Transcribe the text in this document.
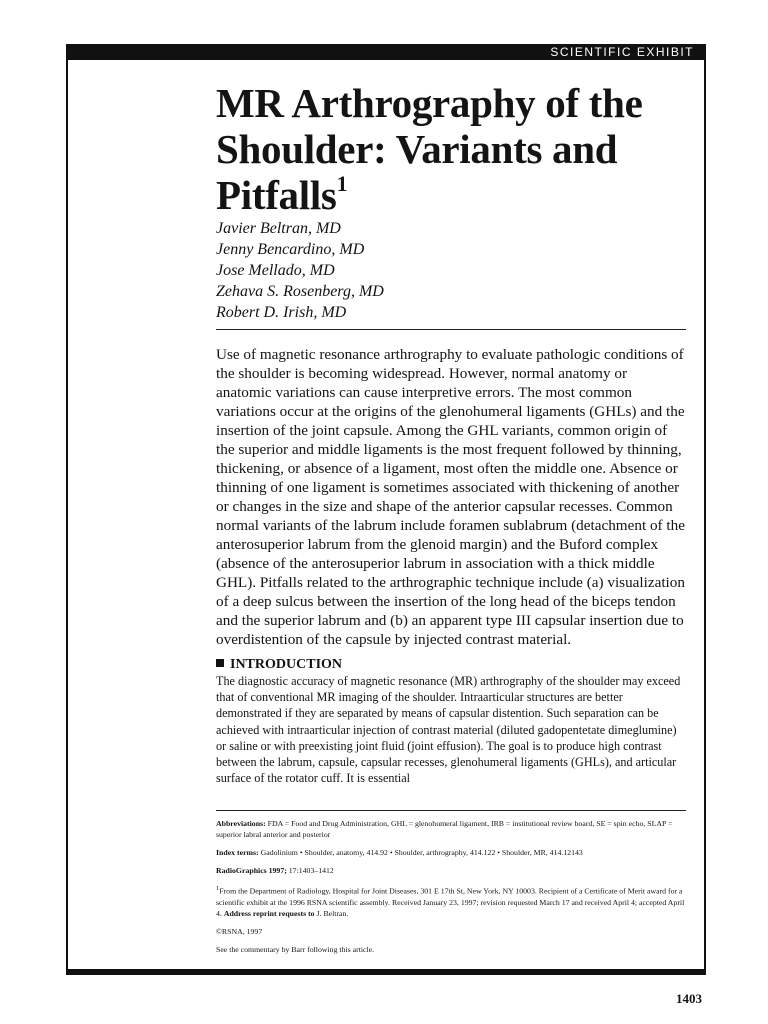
SCIENTIFIC EXHIBIT
MR Arthrography of the Shoulder: Variants and Pitfalls$^1$
Javier Beltran, MD
Jenny Bencardino, MD
Jose Mellado, MD
Zehava S. Rosenberg, MD
Robert D. Irish, MD

Use of magnetic resonance arthrography to evaluate pathologic conditions of the shoulder is becoming widespread. However, normal anatomy or anatomic variations can cause interpretive errors. The most common variations occur at the origins of the glenohumeral ligaments (GHLs) and the insertion of the joint capsule. Among the GHL variants, common origin of the superior and middle ligaments is the most frequent followed by thinning, thickening, or absence of a ligament, most often the middle one. Absence or thinning of one ligament is sometimes associated with thickening of another or changes in the size and shape of the anterior capsular recesses. Common normal variants of the labrum include foramen sublabrum (detachment of the anterosuperior labrum from the glenoid margin) and the Buford complex (absence of the anterosuperior labrum in association with a thick middle GHL). Pitfalls related to the arthrographic technique include (a) visualization of a deep sulcus between the insertion of the long head of the biceps tendon and the superior labrum and (b) an apparent type III capsular insertion due to overdistention of the capsule by injected contrast material.

INTRODUCTION

The diagnostic accuracy of magnetic resonance (MR) arthrography of the shoulder may exceed that of conventional MR imaging of the shoulder. Intraarticular structures are better demonstrated if they are separated by means of capsular distention. Such separation can be achieved with intraarticular injection of contrast material (diluted gadopentetate dimeglumine) or saline or with preexisting joint fluid (joint effusion). The goal is to produce high contrast between the labrum, capsule, capsular recesses, glenohumeral ligaments (GHLs), and articular surface of the rotator cuff. It is essential

Abbreviations: FDA = Food and Drug Administration, GHL = glenohumeral ligament, IRB = institutional review board, SE = spin echo, SLAP = superior labral anterior and posterior

Index terms: Gadolinium • Shoulder, anatomy, 414.92 • Shoulder, arthrography, 414.122 • Shoulder, MR, 414.12143

RadioGraphics 1997; 17:1403–1412

$^1$From the Department of Radiology, Hospital for Joint Diseases, 301 E 17th St, New York, NY 10003. Recipient of a Certificate of Merit award for a scientific exhibit at the 1996 RSNA scientific assembly. Received January 23, 1997; revision requested March 17 and received April 4; accepted April 4. Address reprint requests to J. Beltran.

©RSNA, 1997

See the commentary by Barr following this article.

1403
